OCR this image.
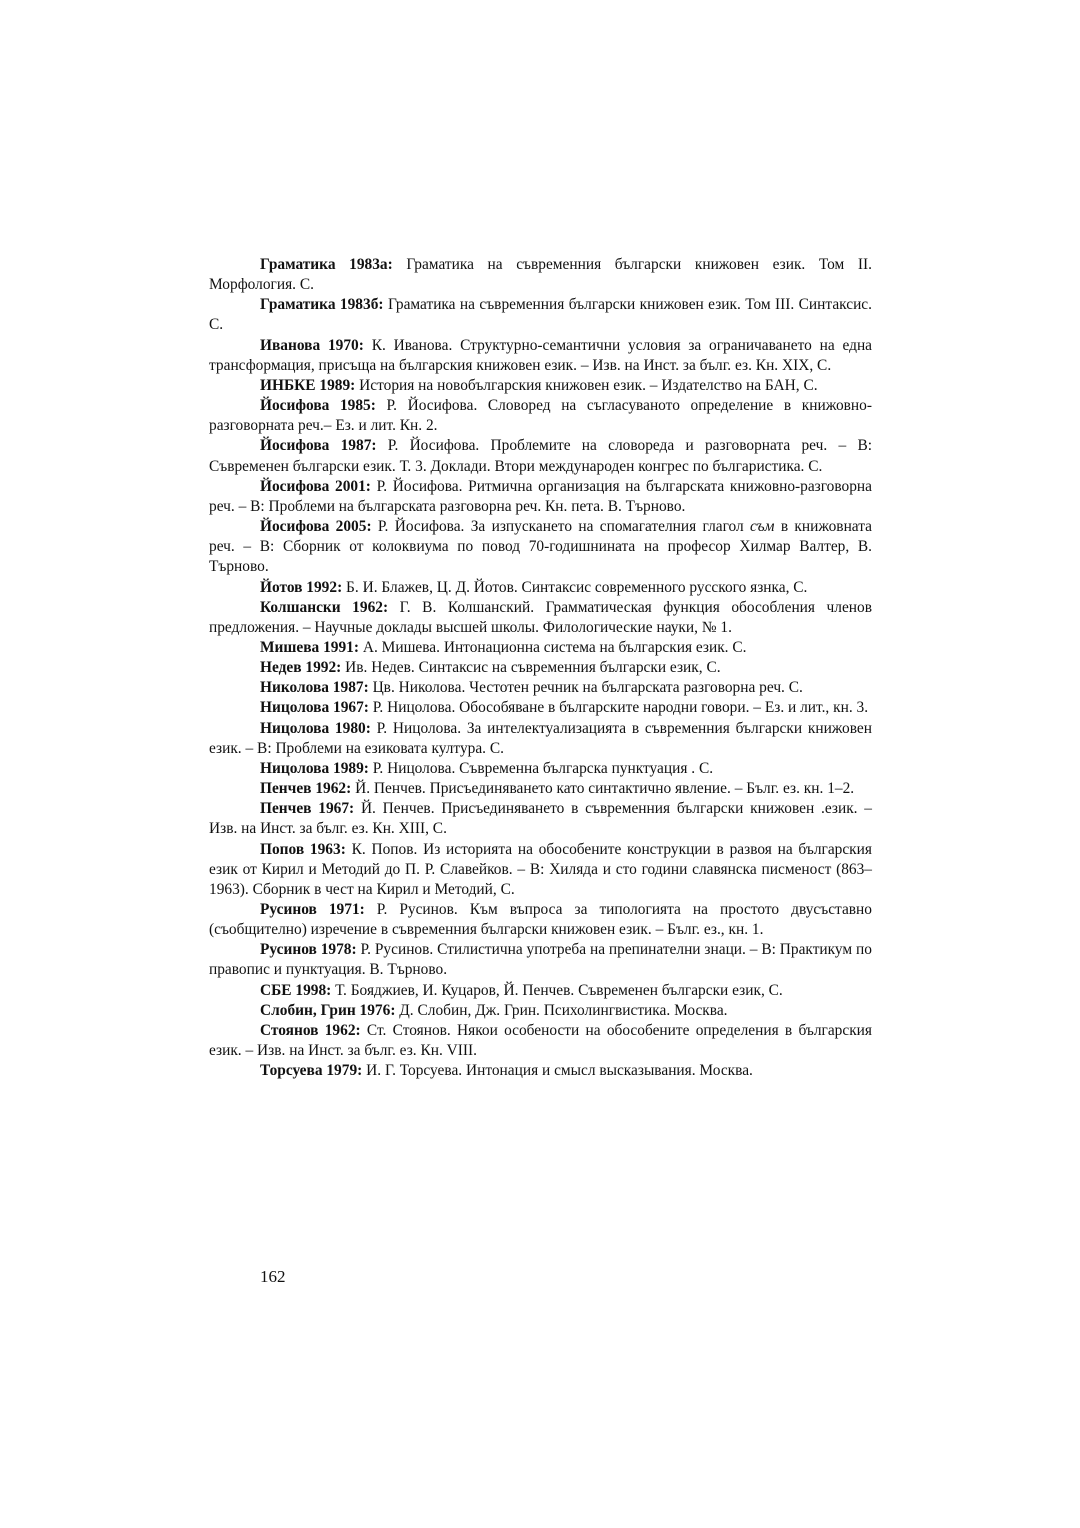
Граматика 1983а: Граматика на съвременния български книжовен език. Том II. Морфология. С.

Граматика 1983б: Граматика на съвременния български книжовен език. Том III. Синтаксис. С.

Иванова 1970: К. Иванова. Структурно-семантични условия за ограничаването на една трансформация, присъща на българския книжовен език. – Изв. на Инст. за бълг. ез. Кн. XIX, С.

ИНБКЕ 1989: История на новобългарския книжовен език. – Издателство на БАН, С.

Йосифова 1985: Р. Йосифова. Словоред на съгласуваното определение в книжовно-разговорната реч.– Ез. и лит. Кн. 2.

Йосифова 1987: Р. Йосифова. Проблемите на словореда и разговорната реч. – В: Съвременен български език. Т. 3. Доклади. Втори международен конгрес по българистика. С.

Йосифова 2001: Р. Йосифова. Ритмична организация на българската книжовно-разговорна реч. – В: Проблеми на българската разговорна реч. Кн. пета. В. Търново.

Йосифова 2005: Р. Йосифова. За изпускането на спомагателния глагол съм в книжовната реч. – В: Сборник от колоквиума по повод 70-годишнината на професор Хилмар Валтер, В. Търново.

Йотов 1992: Б. И. Блажев, Ц. Д. Йотов. Синтаксис современного русского язнка, С.

Колшански 1962: Г. В. Колшанский. Грамматическая функция обособления членов предложения. – Научные доклады высшей школы. Филологические науки, № 1.

Мишева 1991: А. Мишева. Интонационна система на българския език. С.

Недев 1992: Ив. Недев. Синтаксис на съвременния български език, С.

Николова 1987: Цв. Николова. Честотен речник на българската разговорна реч. С.

Ницолова 1967: Р. Ницолова. Обособяване в българските народни говори. – Ез. и лит., кн. 3.

Ницолова 1980: Р. Ницолова. За интелектуализацията в съвременния български книжовен език. – В: Проблеми на езиковата култура. С.

Ницолова 1989: Р. Ницолова. Съвременна българска пунктуация . С.

Пенчев 1962: Й. Пенчев. Присъединяването като синтактично явление. – Бълг. ез. кн. 1–2.

Пенчев 1967: Й. Пенчев. Присъединяването в съвременния български книжовен .език. – Изв. на Инст. за бълг. ез. Кн. XIII, С.

Попов 1963: К. Попов. Из историята на обособените конструкции в развоя на българския език от Кирил и Методий до П. Р. Славейков. – В: Хиляда и сто години славянска писменост (863–1963). Сборник в чест на Кирил и Методий, С.

Русинов 1971: Р. Русинов. Към въпроса за типологията на простото двусъставно (съобщително) изречение в съвременния български книжовен език. – Бълг. ез., кн. 1.

Русинов 1978: Р. Русинов. Стилистична употреба на препинателни знаци. – В: Практикум по правопис и пунктуация. В. Търново.

СБЕ 1998: Т. Бояджиев, И. Куцаров, Й. Пенчев. Съвременен български език, С.

Слобин, Грин 1976: Д. Слобин, Дж. Грин. Психолингвистика. Москва.

Стоянов 1962: Ст. Стоянов. Някои особености на обособените определения в българския език. – Изв. на Инст. за бълг. ез. Кн. VIII.

Торсуева 1979: И. Г. Торсуева. Интонация и смысл высказывания. Москва.

162
